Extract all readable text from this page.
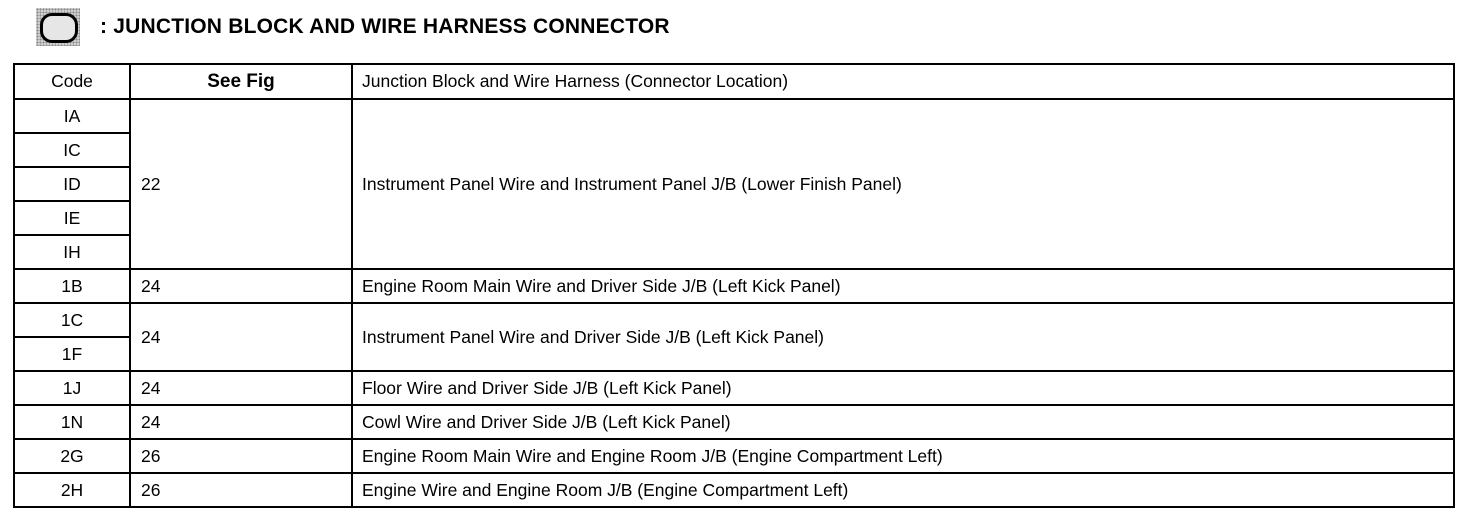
: JUNCTION BLOCK AND WIRE HARNESS CONNECTOR
Code	See Fig	Junction Block and Wire Harness (Connector Location)
IA	22	Instrument Panel Wire and Instrument Panel J/B (Lower Finish Panel)
IC		
ID		
IE		
IH		
1B	24	Engine Room Main Wire and Driver Side J/B (Left Kick Panel)
1C	24	Instrument Panel Wire and Driver Side J/B (Left Kick Panel)
1F		
1J	24	Floor Wire and Driver Side J/B (Left Kick Panel)
1N	24	Cowl Wire and Driver Side J/B (Left Kick Panel)
2G	26	Engine Room Main Wire and Engine Room J/B (Engine Compartment Left)
2H	26	Engine Wire and Engine Room J/B (Engine Compartment Left)
